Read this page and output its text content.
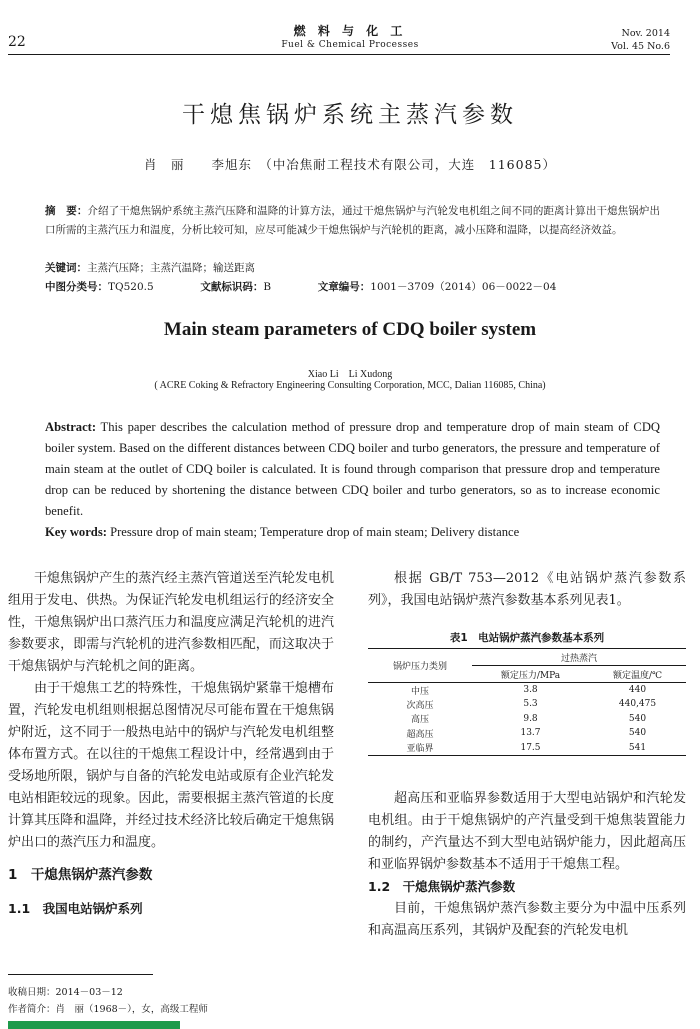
22
燃 料 与 化 工
Fuel & Chemical Processes
Nov. 2014
Vol. 45 No.6
干熄焦锅炉系统主蒸汽参数
肖　丽　　李旭东　（中冶焦耐工程技术有限公司，大连　116085）
摘　要：介绍了干熄焦锅炉系统主蒸汽压降和温降的计算方法，通过干熄焦锅炉与汽轮发电机组之间不同的距离计算出干熄焦锅炉出口所需的主蒸汽压力和温度，分析比较可知，应尽可能减少干熄焦锅炉与汽轮机的距离，减小压降和温降，以提高经济效益。
关键词：主蒸汽压降；主蒸汽温降；输送距离
中图分类号：TQ520.5	文献标识码：B	文章编号：1001－3709（2014）06－0022－04
Main steam parameters of CDQ boiler system
Xiao Li　Li Xudong
( ACRE Coking & Refractory Engineering Consulting Corporation, MCC, Dalian 116085, China)
Abstract: This paper describes the calculation method of pressure drop and temperature drop of main steam of CDQ boiler system. Based on the different distances between CDQ boiler and turbo generators, the pressure and temperature of main steam at the outlet of CDQ boiler is calculated. It is found through comparison that pressure drop and temperature drop can be reduced by shortening the distance between CDQ boiler and turbo generators, so as to increase economic benefit.
Key words: Pressure drop of main steam; Temperature drop of main steam; Delivery distance

干熄焦锅炉产生的蒸汽经主蒸汽管道送至汽轮发电机组用于发电、供热。为保证汽轮发电机组运行的经济安全性，干熄焦锅炉出口蒸汽压力和温度应满足汽轮机的进汽参数要求，即需与汽轮机的进汽参数相匹配，而这取决于干熄焦锅炉与汽轮机之间的距离。

由于干熄焦工艺的特殊性，干熄焦锅炉紧靠干熄槽布置，汽轮发电机组则根据总图情况尽可能布置在干熄焦锅炉附近，这不同于一般热电站中的锅炉与汽轮发电机组整体布置方式。在以往的干熄焦工程设计中，经常遇到由于受场地所限，锅炉与自备的汽轮发电站或原有企业汽轮发电站相距较远的现象。因此，需要根据主蒸汽管道的长度计算其压降和温降，并经过技术经济比较后确定干熄焦锅炉出口的蒸汽压力和温度。

1　干熄焦锅炉蒸汽参数
1.1　我国电站锅炉系列

根据 GB/T 753—2012《电站锅炉蒸汽参数系列》，我国电站锅炉蒸汽参数基本系列见表1。

表1　电站锅炉蒸汽参数基本系列
锅炉压力类别	过热蒸汽	
	额定压力/MPa	额定温度/℃
中压	3.8	440
次高压	5.3	440,475
高压	9.8	540
超高压	13.7	540
亚临界	17.5	541

超高压和亚临界参数适用于大型电站锅炉和汽轮发电机组。由于干熄焦锅炉的产汽量受到干熄焦装置能力的制约，产汽量达不到大型电站锅炉能力，因此超高压和亚临界锅炉参数基本不适用于干熄焦工程。

1.2　干熄焦锅炉蒸汽参数

目前，干熄焦锅炉蒸汽参数主要分为中温中压系列和高温高压系列，其锅炉及配套的汽轮发电机

收稿日期：2014－03－12
作者简介：肖　丽（1968－），女，高级工程师
